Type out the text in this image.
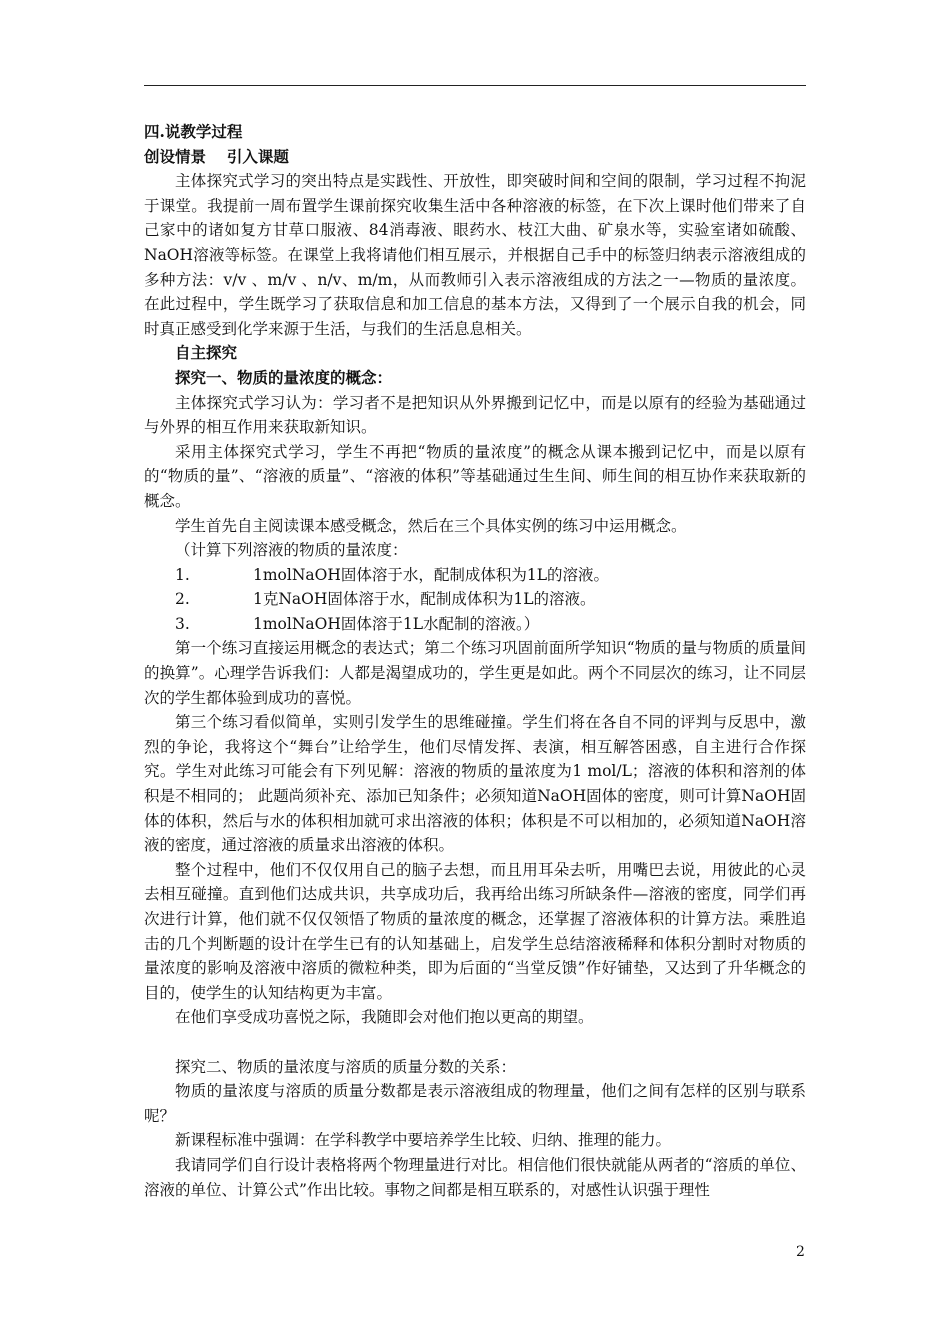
四.说教学过程

创设情景　 引入课题

主体探究式学习的突出特点是实践性、开放性，即突破时间和空间的限制，学习过程不拘泥于课堂。我提前一周布置学生课前探究收集生活中各种溶液的标签，在下次上课时他们带来了自己家中的诸如复方甘草口服液、84消毒液、眼药水、枝江大曲、矿泉水等，实验室诸如硫酸、NaOH溶液等标签。在课堂上我将请他们相互展示，并根据自己手中的标签归纳表示溶液组成的多种方法：v/v 、m/v 、n/v、m/m，从而教师引入表示溶液组成的方法之一—物质的量浓度。在此过程中，学生既学习了获取信息和加工信息的基本方法，又得到了一个展示自我的机会，同时真正感受到化学来源于生活，与我们的生活息息相关。

自主探究

探究一、物质的量浓度的概念：

主体探究式学习认为：学习者不是把知识从外界搬到记忆中，而是以原有的经验为基础通过与外界的相互作用来获取新知识。

采用主体探究式学习，学生不再把“物质的量浓度”的概念从课本搬到记忆中，而是以原有的“物质的量”、“溶液的质量”、“溶液的体积”等基础通过生生间、师生间的相互协作来获取新的概念。

学生首先自主阅读课本感受概念，然后在三个具体实例的练习中运用概念。

（计算下列溶液的物质的量浓度：

1.	1molNaOH固体溶于水，配制成体积为1L的溶液。

2.	1克NaOH固体溶于水，配制成体积为1L的溶液。

3.	1molNaOH固体溶于1L水配制的溶液。）

第一个练习直接运用概念的表达式；第二个练习巩固前面所学知识“物质的量与物质的质量间的换算”。心理学告诉我们：人都是渴望成功的，学生更是如此。两个不同层次的练习，让不同层次的学生都体验到成功的喜悦。

第三个练习看似简单，实则引发学生的思维碰撞。学生们将在各自不同的评判与反思中，激烈的争论，我将这个“舞台”让给学生，他们尽情发挥、表演，相互解答困惑，自主进行合作探究。学生对此练习可能会有下列见解：溶液的物质的量浓度为1 mol/L；溶液的体积和溶剂的体积是不相同的； 此题尚须补充、添加已知条件；必须知道NaOH固体的密度，则可计算NaOH固体的体积，然后与水的体积相加就可求出溶液的体积；体积是不可以相加的，必须知道NaOH溶液的密度，通过溶液的质量求出溶液的体积。

整个过程中，他们不仅仅用自己的脑子去想，而且用耳朵去听，用嘴巴去说，用彼此的心灵去相互碰撞。直到他们达成共识，共享成功后，我再给出练习所缺条件—溶液的密度，同学们再次进行计算，他们就不仅仅领悟了物质的量浓度的概念，还掌握了溶液体积的计算方法。乘胜追击的几个判断题的设计在学生已有的认知基础上，启发学生总结溶液稀释和体积分割时对物质的量浓度的影响及溶液中溶质的微粒种类，即为后面的“当堂反馈”作好铺垫，又达到了升华概念的目的，使学生的认知结构更为丰富。

在他们享受成功喜悦之际，我随即会对他们抱以更高的期望。

探究二、物质的量浓度与溶质的质量分数的关系：

物质的量浓度与溶质的质量分数都是表示溶液组成的物理量，他们之间有怎样的区别与联系呢？

新课程标准中强调：在学科教学中要培养学生比较、归纳、推理的能力。

我请同学们自行设计表格将两个物理量进行对比。相信他们很快就能从两者的“溶质的单位、溶液的单位、计算公式”作出比较。事物之间都是相互联系的，对感性认识强于理性

2
